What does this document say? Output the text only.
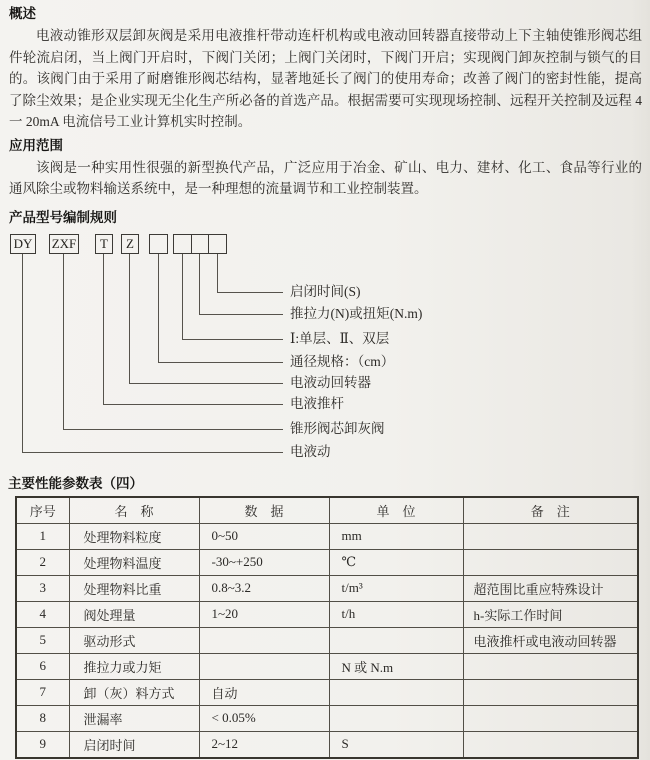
概述
电液动锥形双层卸灰阀是采用电液推杆带动连杆机构或电液动回转器直接带动上下主轴使锥形阀芯组件轮流启闭，当上阀门开启时，下阀门关闭；上阀门关闭时，下阀门开启；实现阀门卸灰控制与锁气的目的。该阀门由于采用了耐磨锥形阀芯结构，显著地延长了阀门的使用寿命；改善了阀门的密封性能，提高了除尘效果；是企业实现无尘化生产所必备的首选产品。根据需要可实现现场控制、远程开关控制及远程 4 一 20mA 电流信号工业计算机实时控制。
应用范围
该阀是一种实用性很强的新型换代产品，广泛应用于冶金、矿山、电力、建材、化工、食品等行业的通风除尘或物料输送系统中，是一种理想的流量调节和工业控制装置。
产品型号编制规则
DY ZXF	T	Z
启闭时间(S)
推拉力(N)或扭矩(N.m)
Ⅰ:单层、Ⅱ、双层
通径规格：（cm）
电液动回转器
电液推杆
锥形阀芯卸灰阀
电液动
主要性能参数表（四）
序号	名　称	数　据	单　位	备　注
1	处理物料粒度	0~50	mm	
2	处理物料温度	-30~+250	℃	
3	处理物料比重	0.8~3.2	t/m³	超范围比重应特殊设计
4	阀处理量	1~20	t/h	h-实际工作时间
5	驱动形式			电液推杆或电液动回转器
6	推拉力或力矩		N 或 N.m	
7	卸（灰）料方式	自动		
8	泄漏率	< 0.05%		
9	启闭时间	2~12	S	
